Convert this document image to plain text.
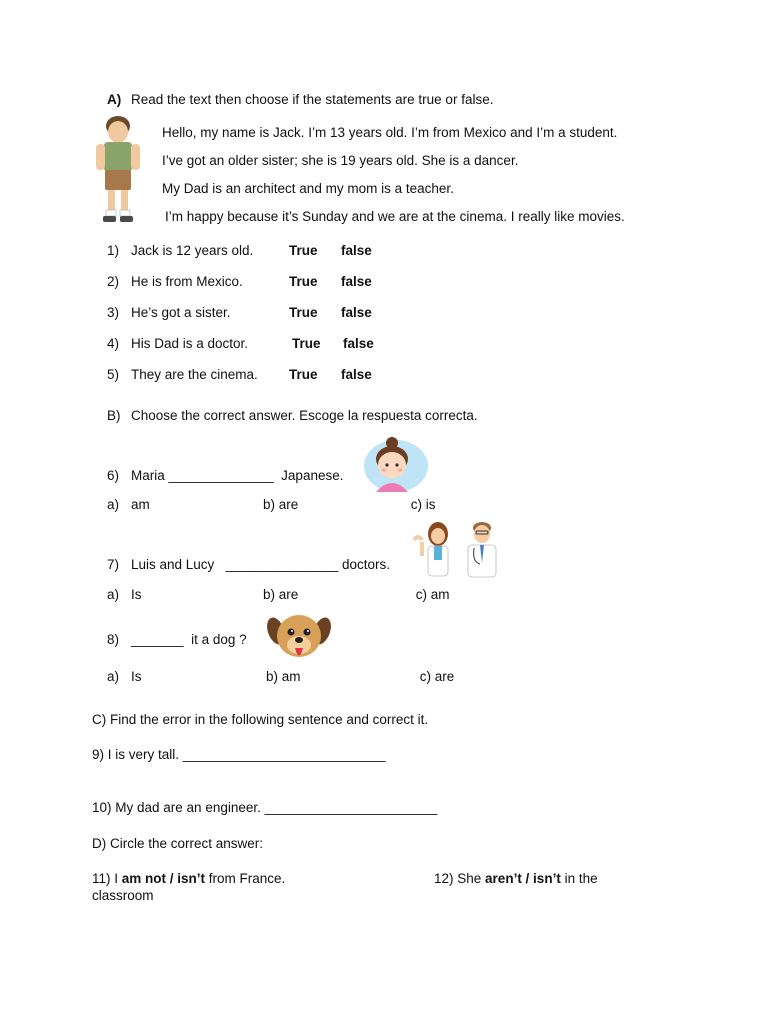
A) Read the text then choose if the statements are true or false.
Hello, my name is Jack. I’m 13 years old. I’m from Mexico and I’m a student.
I’ve got an older sister; she is 19 years old. She is a dancer.
My Dad is an architect and my mom is a teacher.
I’m happy because it’s Sunday and we are at the cinema. I really like movies.
1) Jack is 12 years old.	True false
2) He is from Mexico.	True false
3) He’s got a sister.	True false
4) His Dad is a doctor.	True false
5) They are the cinema. True false
B) Choose the correct answer. Escoge la respuesta correcta.
6) Maria ______________ Japanese.
a) am	b) are	c) is
7) Luis and Lucy _______________ doctors.
a) Is	b) are	c) am
8) _______ it a dog ?
a) Is	b) am	c) are
C) Find the error in the following sentence and correct it.
9) I is very tall. ___________________________
10) My dad are an engineer. _______________________
D) Circle the correct answer:
11) I am not / isn’t from France.
classroom
12) She aren’t / isn’t in the
